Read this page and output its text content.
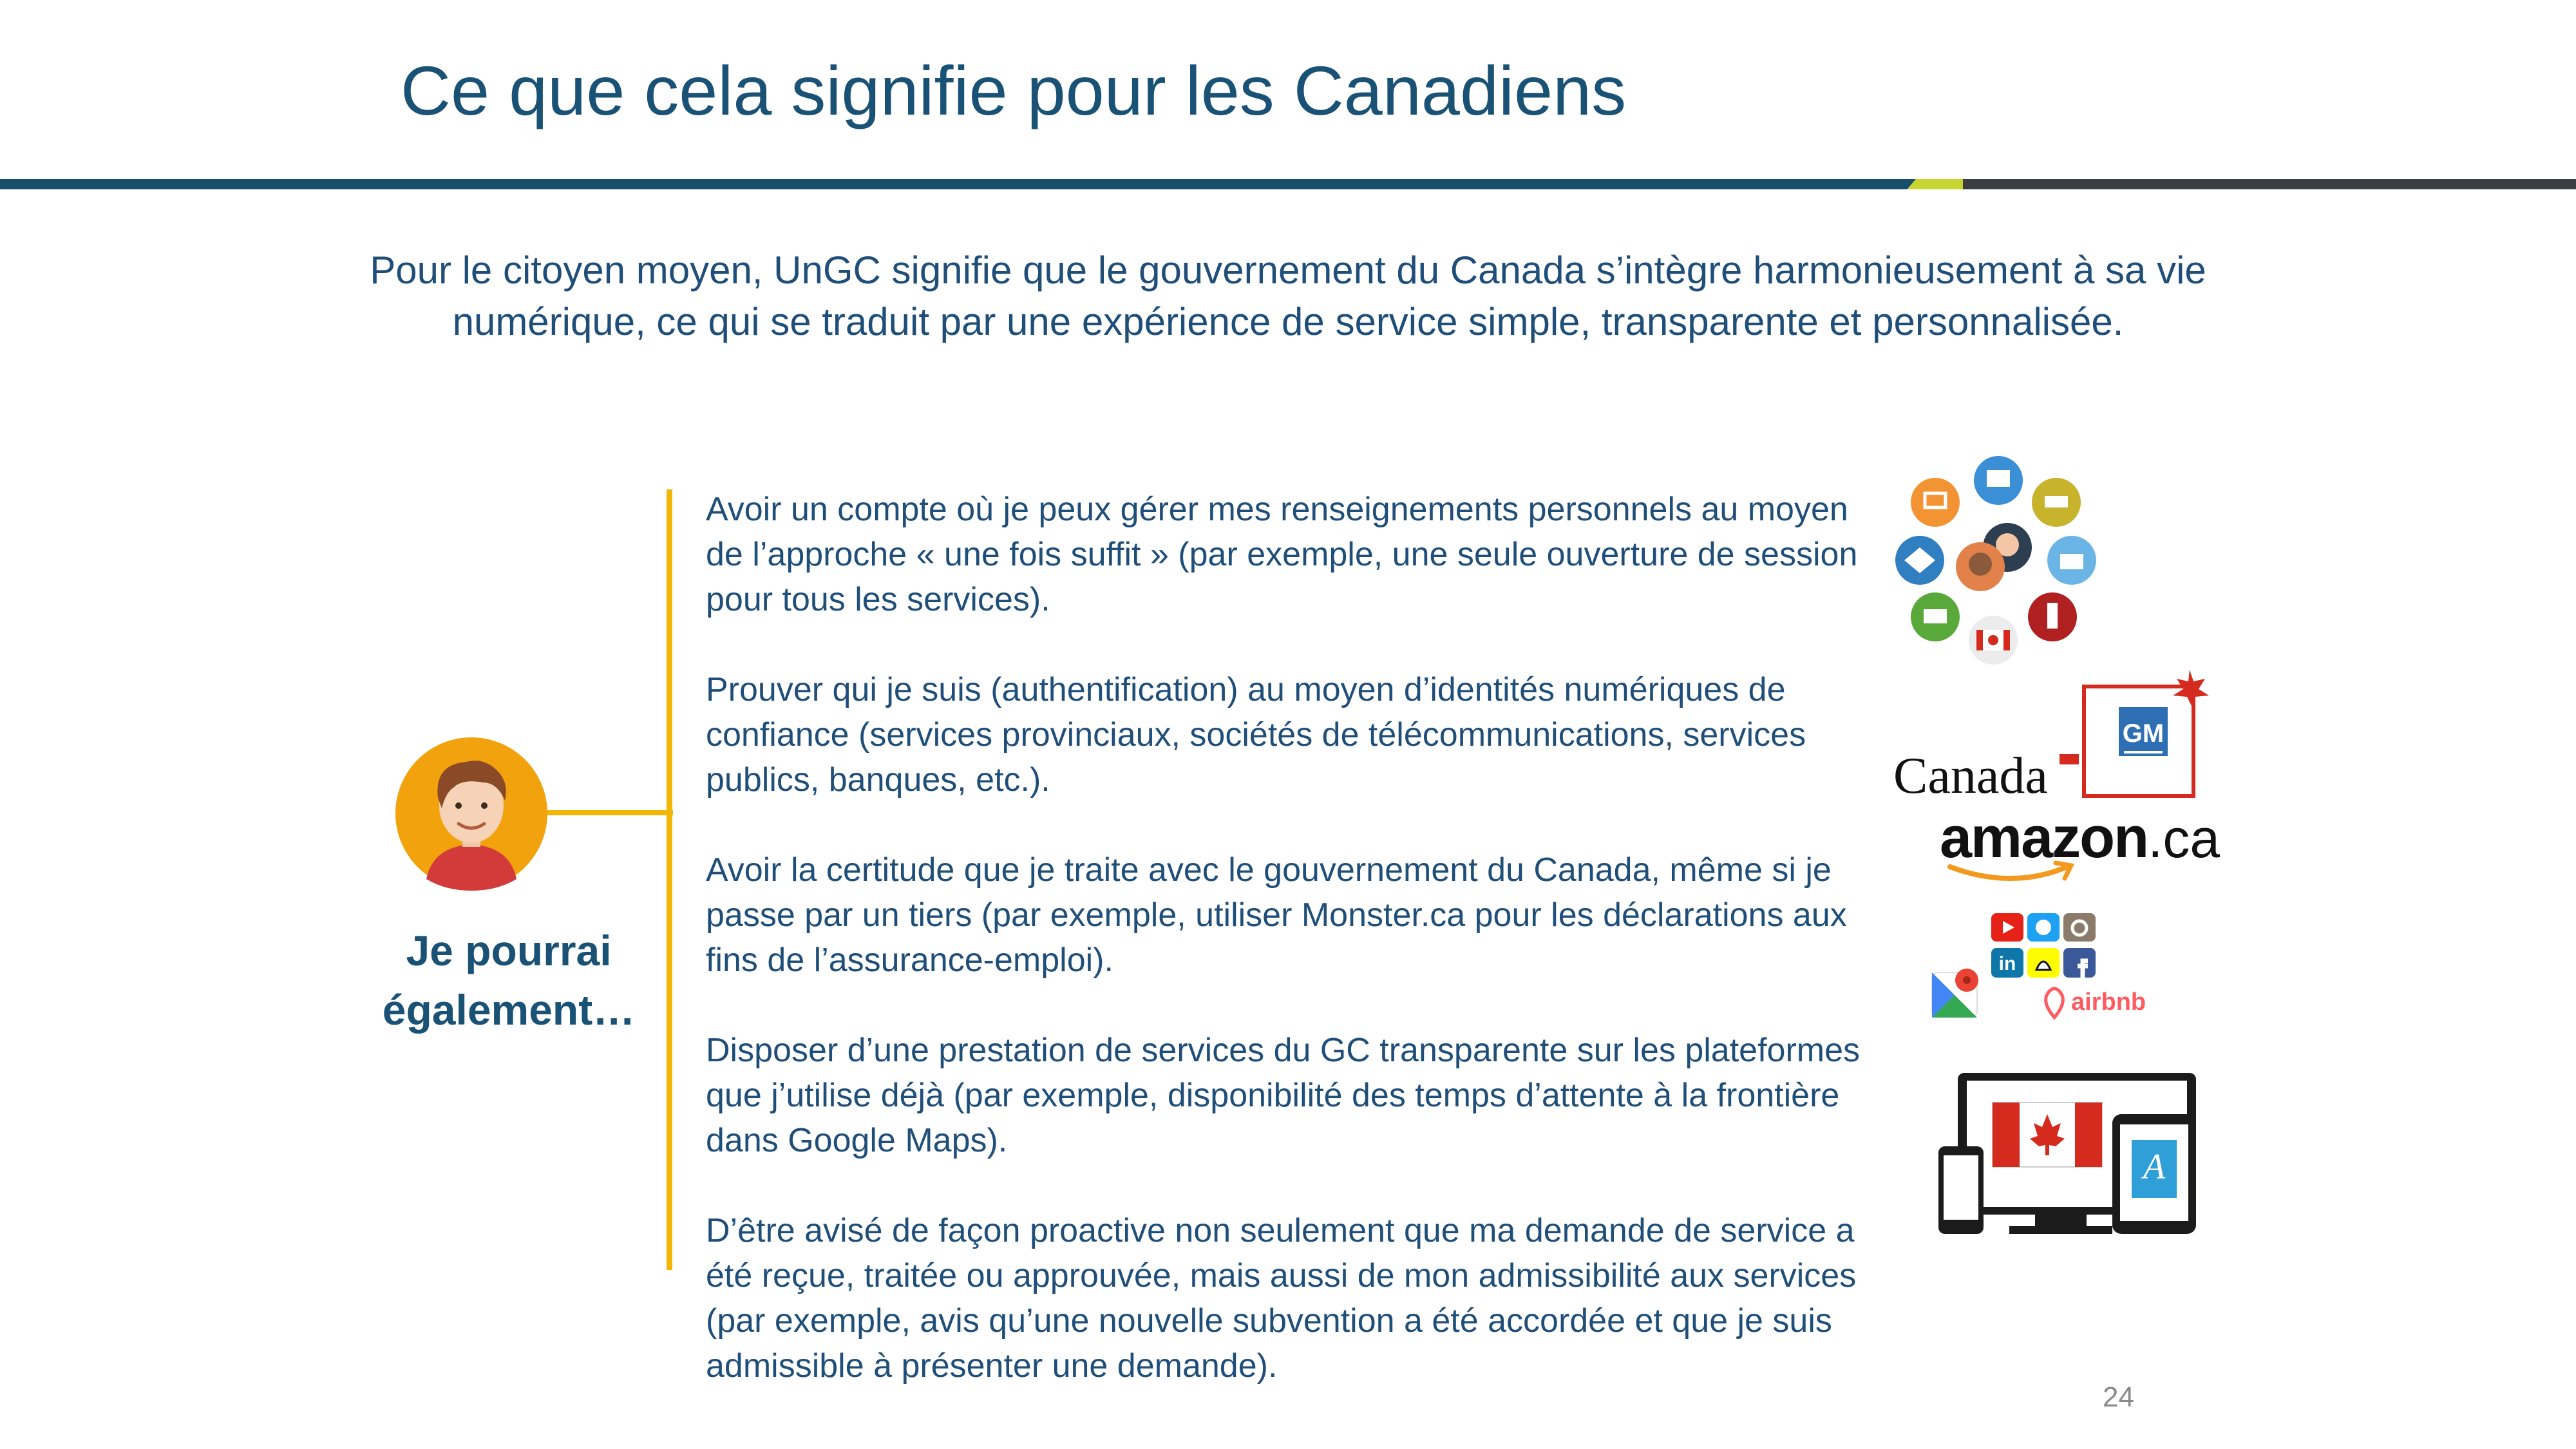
Ce que cela signifie pour les Canadiens
Pour le citoyen moyen, UnGC signifie que le gouvernement du Canada s’intègre harmonieusement à sa vie numérique, ce qui se traduit par une expérience de service simple, transparente et personnalisée.
Je pourrai
également…

Avoir un compte où je peux gérer mes renseignements personnels au moyen de l’approche « une fois suffit » (par exemple, une seule ouverture de session pour tous les services).

Prouver qui je suis (authentification) au moyen d’identités numériques de confiance (services provinciaux, sociétés de télécommunications, services publics, banques, etc.).

Avoir la certitude que je traite avec le gouvernement du Canada, même si je passe par un tiers (par exemple, utiliser Monster.ca pour les déclarations aux fins de l’assurance-emploi).

Disposer d’une prestation de services du GC transparente sur les plateformes que j’utilise déjà (par exemple, disponibilité des temps d’attente à la frontière dans Google Maps).

D’être avisé de façon proactive non seulement que ma demande de service a été reçue, traitée ou approuvée, mais aussi de mon admissibilité aux services (par exemple, avis qu’une nouvelle subvention a été accordée et que je suis admissible à présenter une demande).

Canada
GM
amazon.ca
in
airbnb
A
24
